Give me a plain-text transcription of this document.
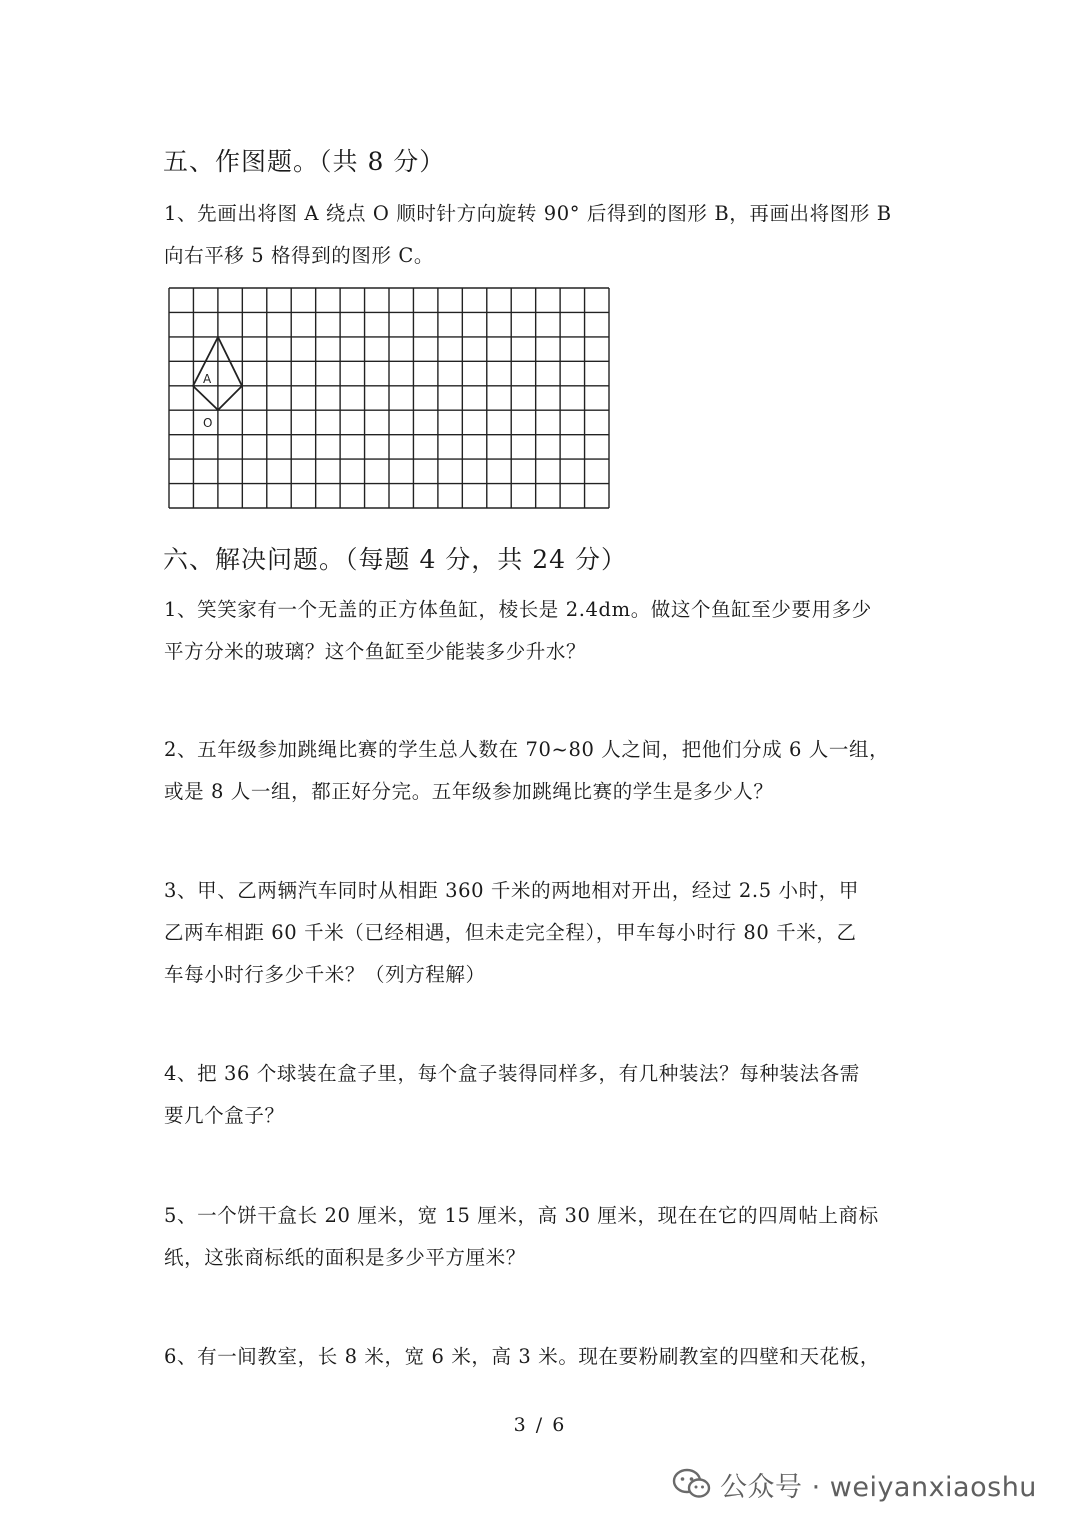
五、作图题。（共 8 分）
1、先画出将图 A 绕点 O 顺时针方向旋转 90° 后得到的图形 B，再画出将图形 B
向右平移 5 格得到的图形 C。
A
O
六、解决问题。（每题 4 分，共 24 分）
1、笑笑家有一个无盖的正方体鱼缸，棱长是 2.4dm。做这个鱼缸至少要用多少
平方分米的玻璃？这个鱼缸至少能装多少升水？
2、五年级参加跳绳比赛的学生总人数在 70~80 人之间，把他们分成 6 人一组，
或是 8 人一组，都正好分完。五年级参加跳绳比赛的学生是多少人？
3、甲、乙两辆汽车同时从相距 360 千米的两地相对开出，经过 2.5 小时，甲
乙两车相距 60 千米（已经相遇，但未走完全程），甲车每小时行 80 千米，乙
车每小时行多少千米？（列方程解）
4、把 36 个球装在盒子里，每个盒子装得同样多，有几种装法？每种装法各需
要几个盒子？
5、一个饼干盒长 20 厘米，宽 15 厘米，高 30 厘米，现在在它的四周帖上商标
纸，这张商标纸的面积是多少平方厘米？
6、有一间教室，长 8 米，宽 6 米，高 3 米。现在要粉刷教室的四壁和天花板，
3 / 6
公众号 · weiyanxiaoshu
